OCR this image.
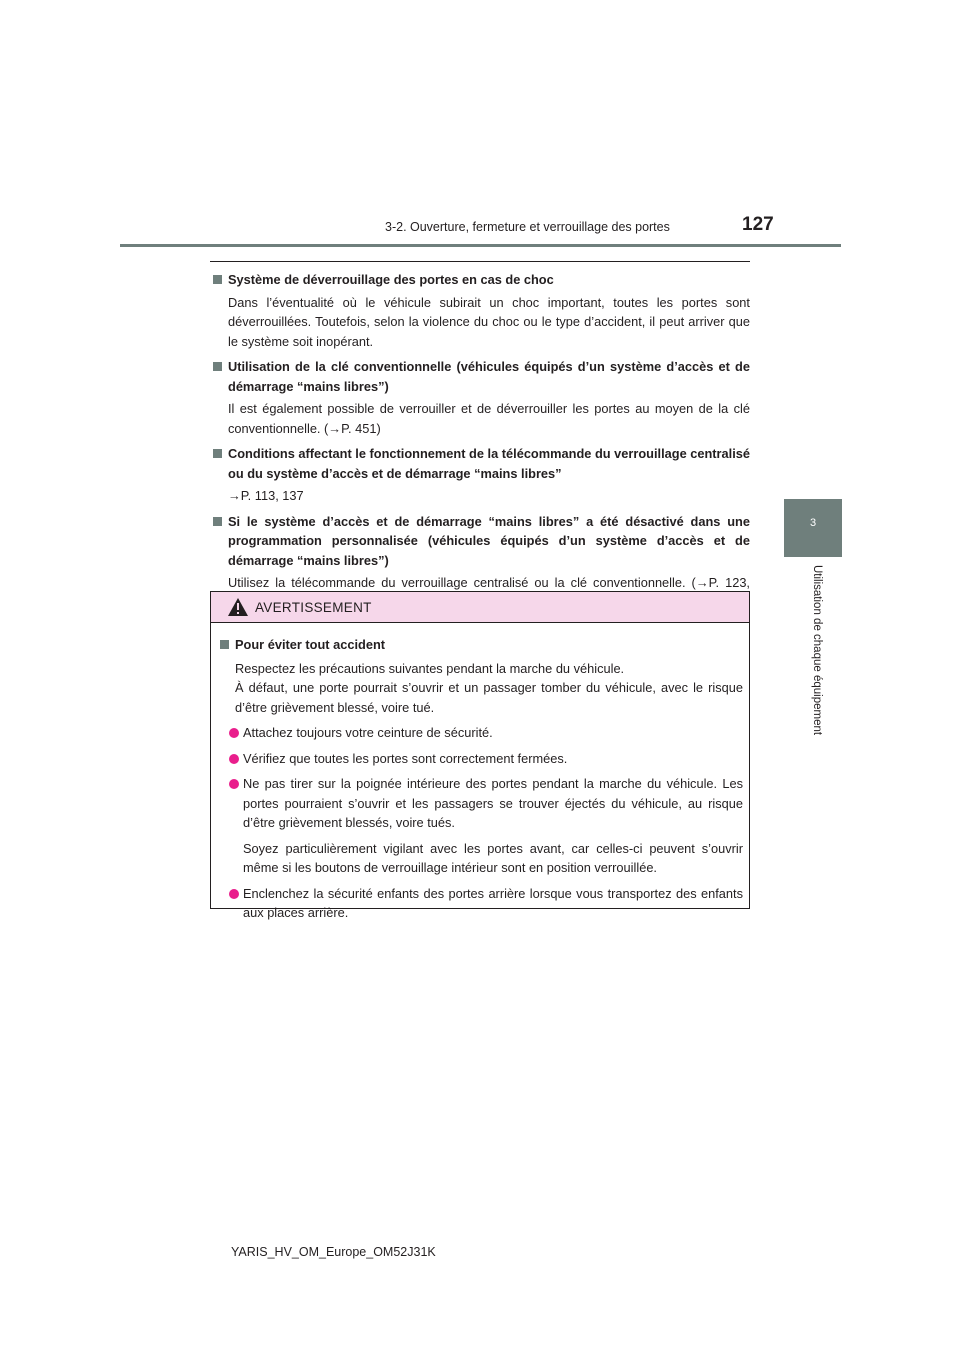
3-2. Ouverture, fermeture et verrouillage des portes	127
3
Utilisation de chaque équipement
Système de déverrouillage des portes en cas de choc
Dans l’éventualité où le véhicule subirait un choc important, toutes les portes sont déverrouillées. Toutefois, selon la violence du choc ou le type d’accident, il peut arriver que le système soit inopérant.
Utilisation de la clé conventionnelle (véhicules équipés d’un système d’accès et de démarrage “mains libres”)
Il est également possible de verrouiller et de déverrouiller les portes au moyen de la clé conventionnelle. (→P. 451)
Conditions affectant le fonctionnement de la télécommande du verrouillage centralisé ou du système d’accès et de démarrage “mains libres”
→P. 113, 137
Si le système d’accès et de démarrage “mains libres” a été désactivé dans une programmation personnalisée (véhicules équipés d’un système d’accès et de démarrage “mains libres”)
Utilisez la télécommande du verrouillage centralisé ou la clé conventionnelle. (→P. 123,
AVERTISSEMENT
Pour éviter tout accident
Respectez les précautions suivantes pendant la marche du véhicule.
À défaut, une porte pourrait s’ouvrir et un passager tomber du véhicule, avec le risque d’être grièvement blessé, voire tué.
Attachez toujours votre ceinture de sécurité.
Vérifiez que toutes les portes sont correctement fermées.
Ne pas tirer sur la poignée intérieure des portes pendant la marche du véhicule. Les portes pourraient s’ouvrir et les passagers se trouver éjectés du véhicule, au risque d’être grièvement blessés, voire tués.
Soyez particulièrement vigilant avec les portes avant, car celles-ci peuvent s’ouvrir même si les boutons de verrouillage intérieur sont en position verrouillée.
Enclenchez la sécurité enfants des portes arrière lorsque vous transportez des enfants aux places arrière.
YARIS_HV_OM_Europe_OM52J31K
